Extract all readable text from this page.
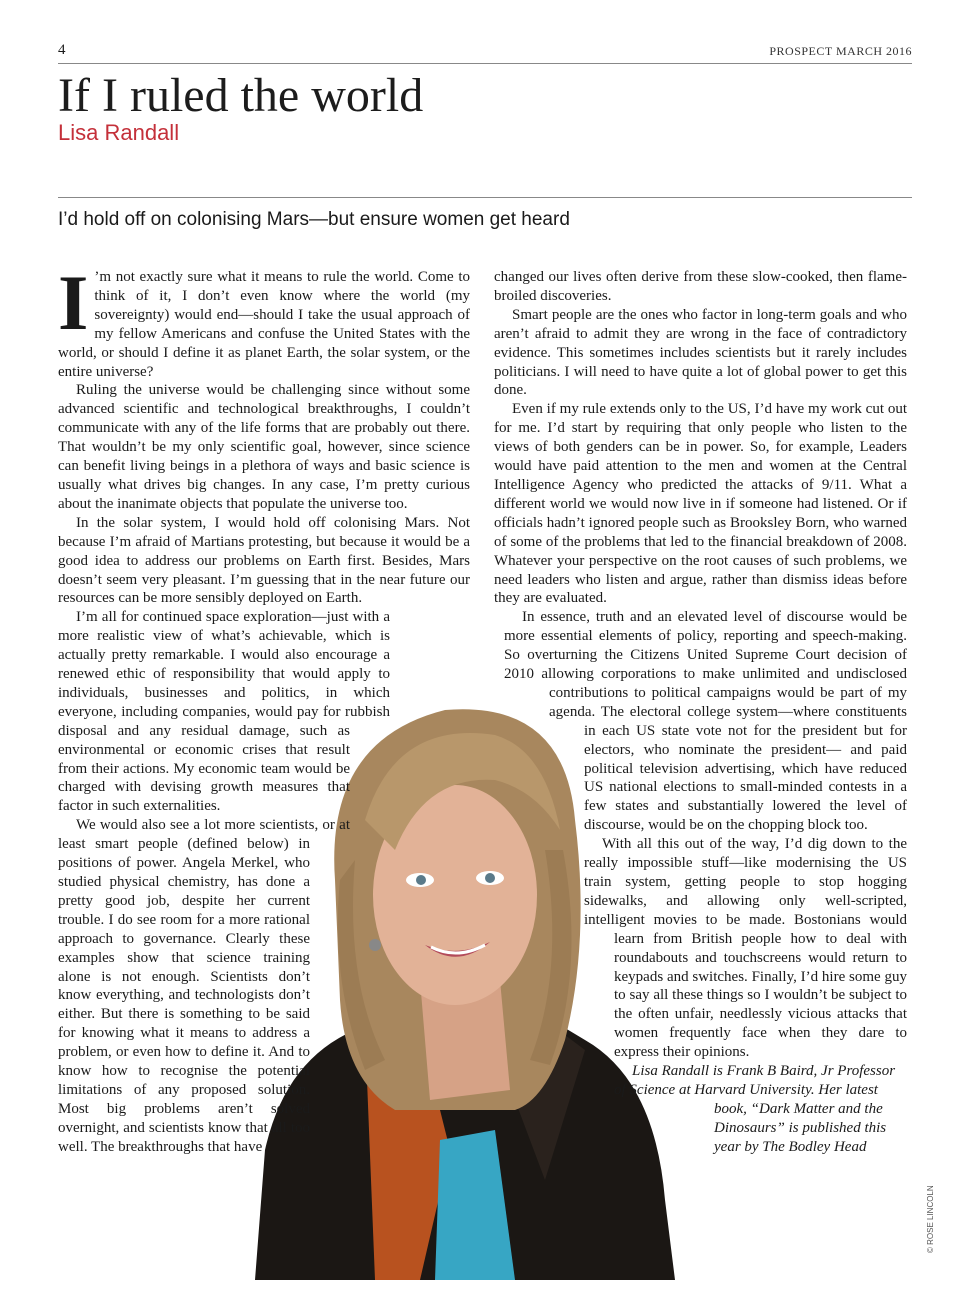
4	PROSPECT MARCH 2016
If I ruled the world
Lisa Randall
I’d hold off on colonising Mars—but ensure women get heard

I ’m not exactly sure what it means to rule the world. Come to think of it, I don’t even know where the world (my sovereignty) would end—should I take the usual approach of my fellow Americans and confuse the United States with the world, or should I define it as planet Earth, the solar system, or the entire universe?

Ruling the universe would be challenging since without some advanced scientific and technological breakthroughs, I couldn’t communicate with any of the life forms that are probably out there. That wouldn’t be my only scientific goal, however, since science can benefit living beings in a plethora of ways and basic science is usually what drives big changes. In any case, I’m pretty curious about the inanimate objects that populate the universe too.

In the solar system, I would hold off colonising Mars. Not because I’m afraid of Martians protesting, but because it would be a good idea to address our problems on Earth first. Besides, Mars doesn’t seem very pleasant. I’m guessing that in the near future our resources can be more sensibly deployed on Earth.

I’m all for continued space exploration—just with a more realistic view of what’s achievable, which is actually pretty remarkable. I would also encourage a renewed ethic of responsibility that would apply to individuals, businesses and politics, in which everyone, including companies, would pay for rubbish disposal and any residual damage, such as environmental or economic crises that result from their actions. My economic team would be charged with devising growth measures that factor in such externalities.

We would also see a lot more scientists, or at least smart people (defined below) in positions of power. Angela Merkel, who studied physical chemistry, has done a pretty good job, despite her current trouble. I do see room for a more rational approach to governance. Clearly these examples show that science training alone is not enough. Scientists don’t know everything, and technologists don’t either. But there is something to be said for knowing what it means to address a problem, or even how to define it. And to know how to recognise the potential limitations of any proposed solution. Most big problems aren’t solved overnight, and scientists know that all too well. The breakthroughs that have

changed our lives often derive from these slow-cooked, then flame-broiled discoveries.

Smart people are the ones who factor in long-term goals and who aren’t afraid to admit they are wrong in the face of contradictory evidence. This sometimes includes scientists but it rarely includes politicians. I will need to have quite a lot of global power to get this done.

Even if my rule extends only to the US, I’d have my work cut out for me. I’d start by requiring that only people who listen to the views of both genders can be in power. So, for example, Leaders would have paid attention to the men and women at the Central Intelligence Agency who predicted the attacks of 9/11. What a different world we would now live in if someone had listened. Or if officials hadn’t ignored people such as Brooksley Born, who warned of some of the problems that led to the financial breakdown of 2008. Whatever your perspective on the root causes of such problems, we need leaders who listen and argue, rather than dismiss ideas before they are evaluated.

In essence, truth and an elevated level of discourse would be more essential elements of policy, reporting and speech-making. So overturning the Citizens United Supreme Court decision of 2010 allowing corporations to make unlimited and undisclosed contributions to political campaigns would be part of my agenda. The electoral college system—where constituents in each US state vote not for the president but for electors, who nominate the president— and paid political television advertising, which have reduced US national elections to small-minded contests in a few states and substantially lowered the level of discourse, would be on the chopping block too.

With all this out of the way, I’d dig down to the really impossible stuff—like modernising the US train system, getting people to stop hogging sidewalks, and allowing only well-scripted, intelligent movies to be made. Bostonians would learn from British people how to deal with roundabouts and touchscreens would return to keypads and switches. Finally, I’d hire some guy to say all these things so I wouldn’t be subject to the often unfair, needlessly vicious attacks that women frequently face when they dare to express their opinions.

Lisa Randall is Frank B Baird, Jr Professor of Science at Harvard University. Her latest book, “Dark Matter and the Dinosaurs” is published this year by The Bodley Head

© ROSE LINCOLN
